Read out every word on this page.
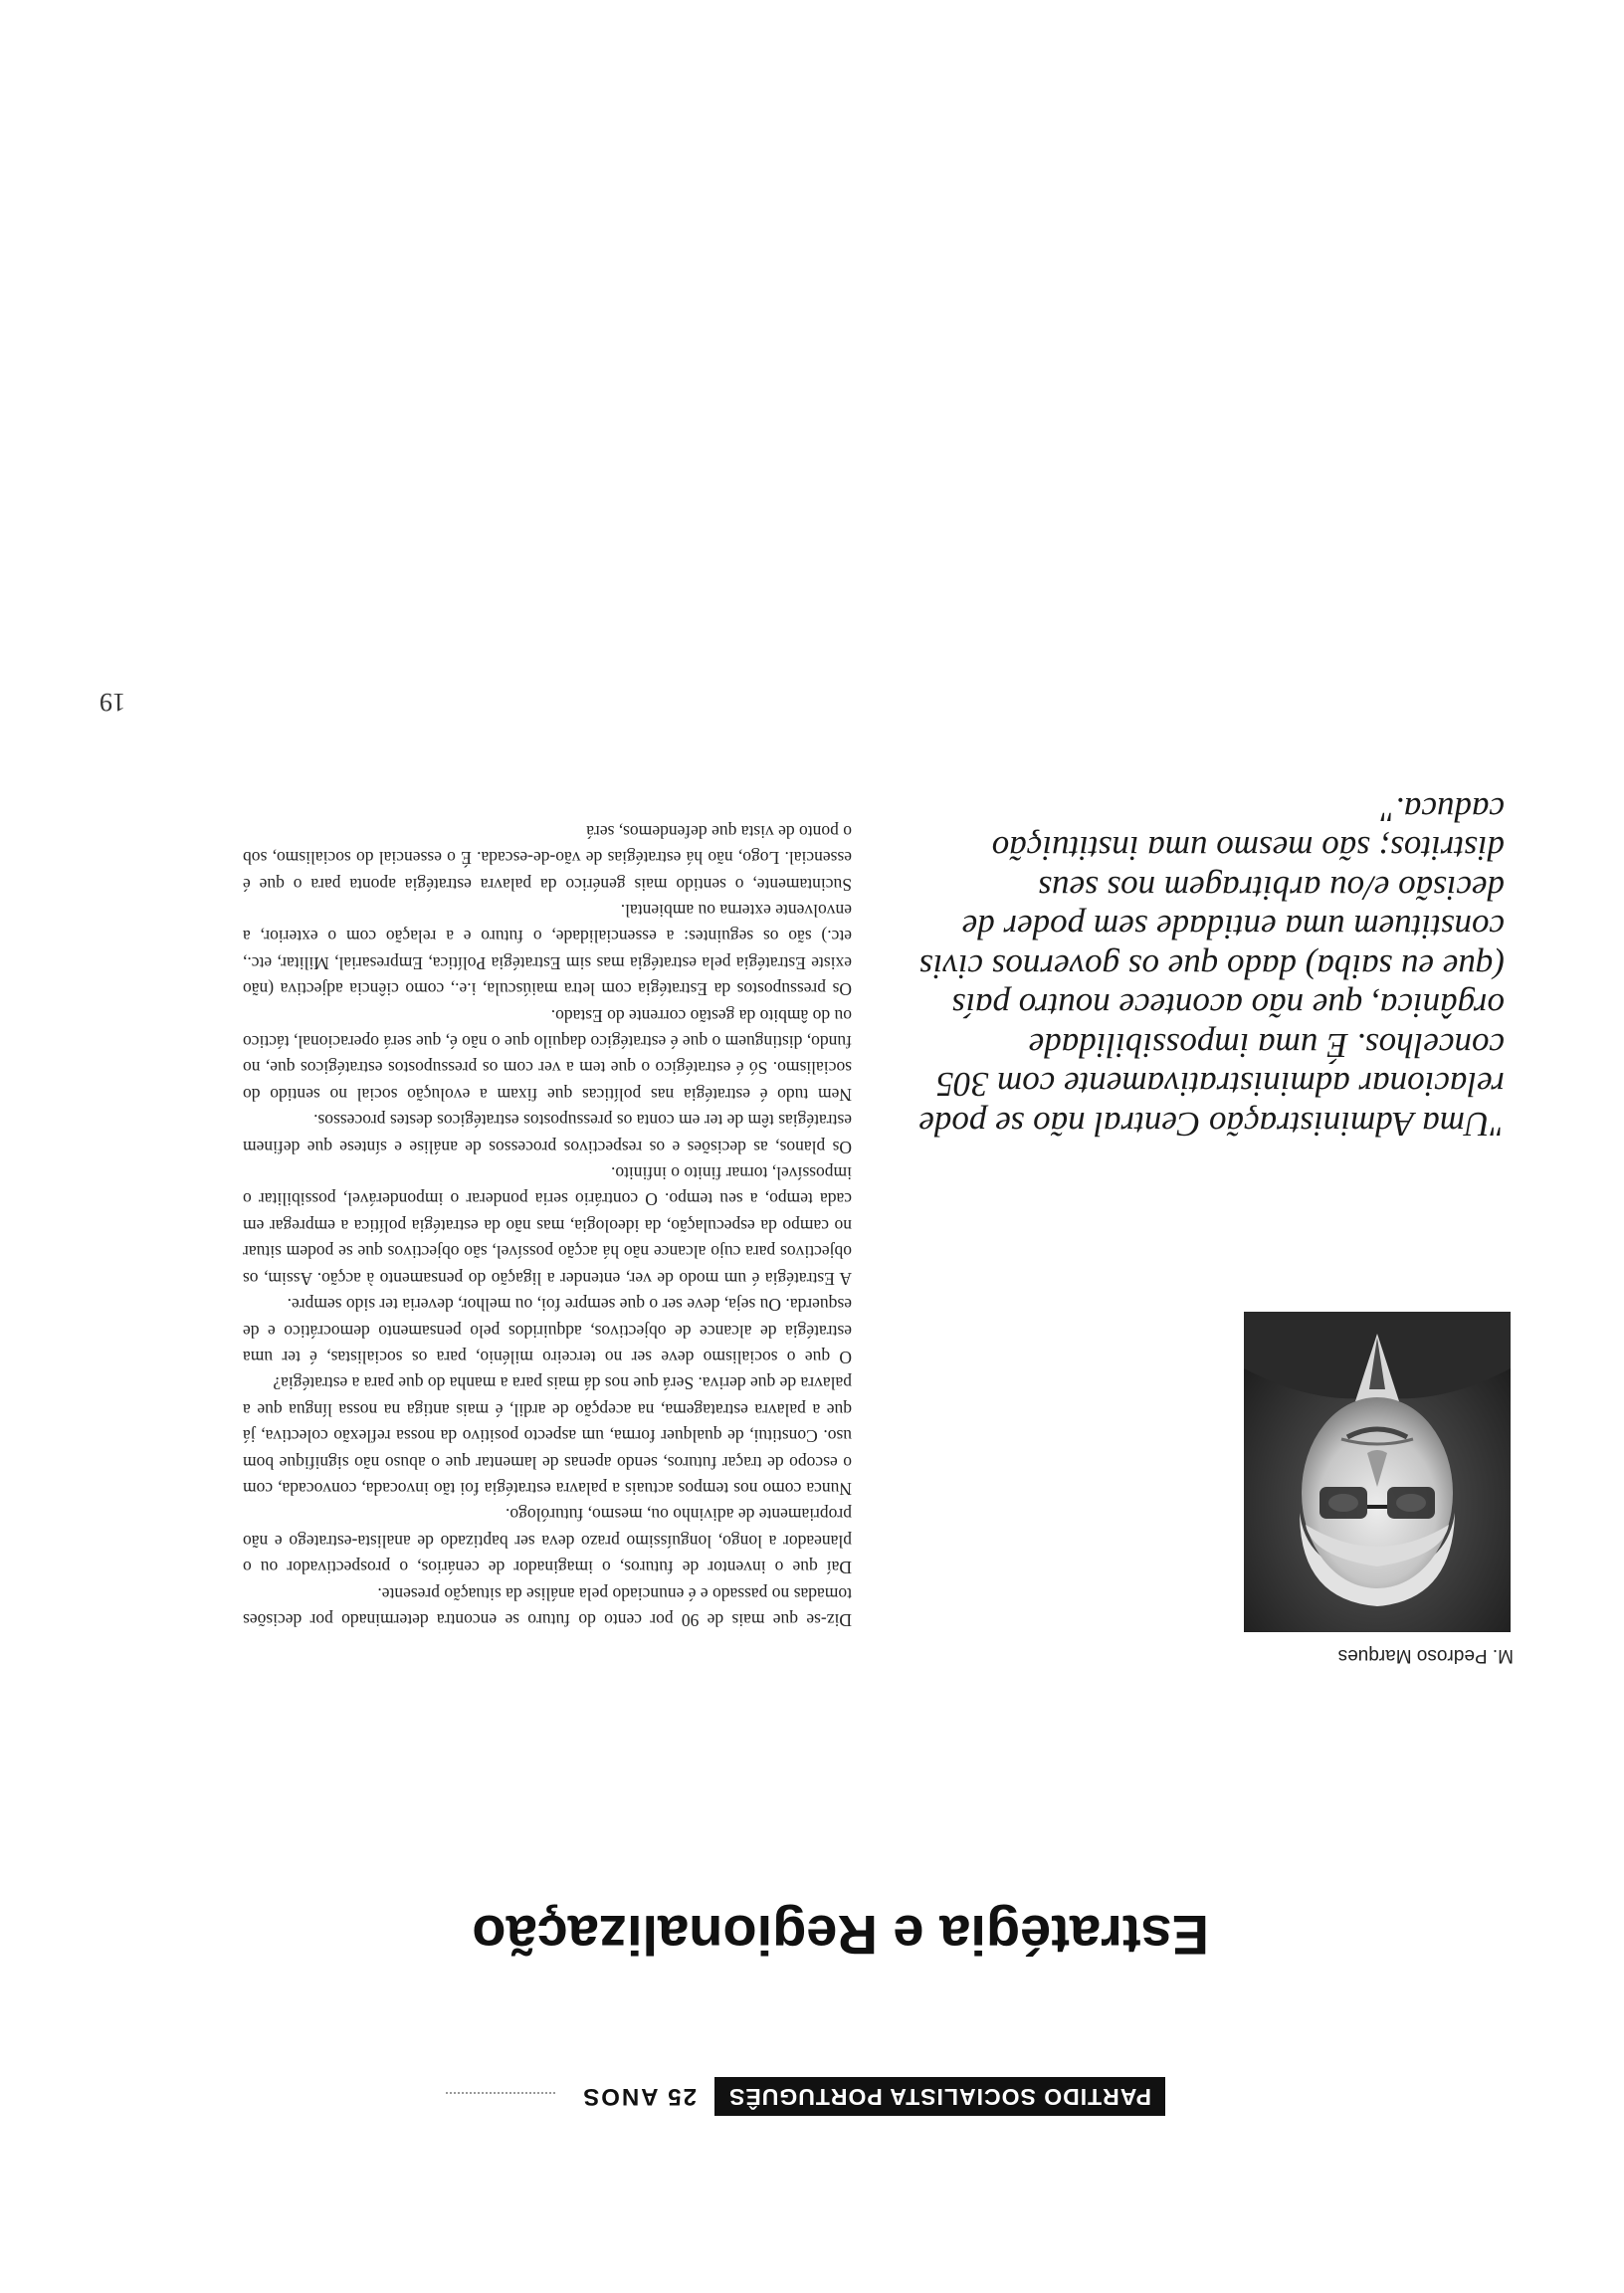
PARTIDO SOCIALISTA PORTUGUÊS
25 ANOS
Estratégia e Regionalização
M. Pedroso Marques

"Uma Administração Central não se pode relacionar administrativamente com 305 concelhos. É uma impossibilidade orgânica, que não acontece noutro país (que eu saiba) dado que os governos civis constituem uma entidade sem poder de decisão e/ou arbitragem nos seus distritos; são mesmo uma instituição caduca."

Diz-se que mais de 90 por cento do futuro se encontra determinado por decisões tomadas no passado e é enunciado pela análise da situação presente.

Daí que o inventor de futuros, o imaginador de cenários, o prospectivador ou o planeador a longo, longuíssimo prazo deva ser baptizado de analista-estratego e não propriamente de adivinho ou, mesmo, futurólogo.

Nunca como nos tempos actuais a palavra estratégia foi tão invocada, convocada, com o escopo de traçar futuros, sendo apenas de lamentar que o abuso não signifique bom uso. Constitui, de qualquer forma, um aspecto positivo da nossa reflexão colectiva, já que a palavra estratagema, na acepção de ardil, é mais antiga na nossa língua que a palavra de que deriva. Será que nos dá mais para a manha do que para a estratégia?

O que o socialismo deve ser no terceiro milénio, para os socialistas, é ter uma estratégia de alcance de objectivos, adquiridos pelo pensamento democrático e de esquerda. Ou seja, deve ser o que sempre foi, ou melhor, deveria ter sido sempre.

A Estratégia é um modo de ver, entender a ligação do pensamento à acção. Assim, os objectivos para cujo alcance não há acção possível, são objectivos que se podem situar no campo da especulação, da ideologia, mas não da estratégia política a empregar em cada tempo, a seu tempo. O contrário seria ponderar o imponderável, possibilitar o impossível, tornar finito o infinito.

Os planos, as decisões e os respectivos processos de análise e síntese que definem estratégias têm de ter em conta os pressupostos estratégicos destes processos.

Nem tudo é estratégia nas políticas que fixam a evolução social no sentido do socialismo. Só é estratégico o que tem a ver com os pressupostos estratégicos que, no fundo, distinguem o que é estratégico daquilo que o não é, que será operacional, táctico ou do âmbito da gestão corrente do Estado.

Os pressupostos da Estratégia com letra maiúscula, i.e., como ciência adjectiva (não existe Estratégia pela estratégia mas sim Estratégia Política, Empresarial, Militar, etc., etc.) são os seguintes: a essencialidade, o futuro e a relação com o exterior, a envolvente externa ou ambiental.

Sucintamente, o sentido mais genérico da palavra estratégia aponta para o que é essencial. Logo, não há estratégias de vão-de-escada. É o essencial do socialismo, sob o ponto de vista que defendemos, será

19
